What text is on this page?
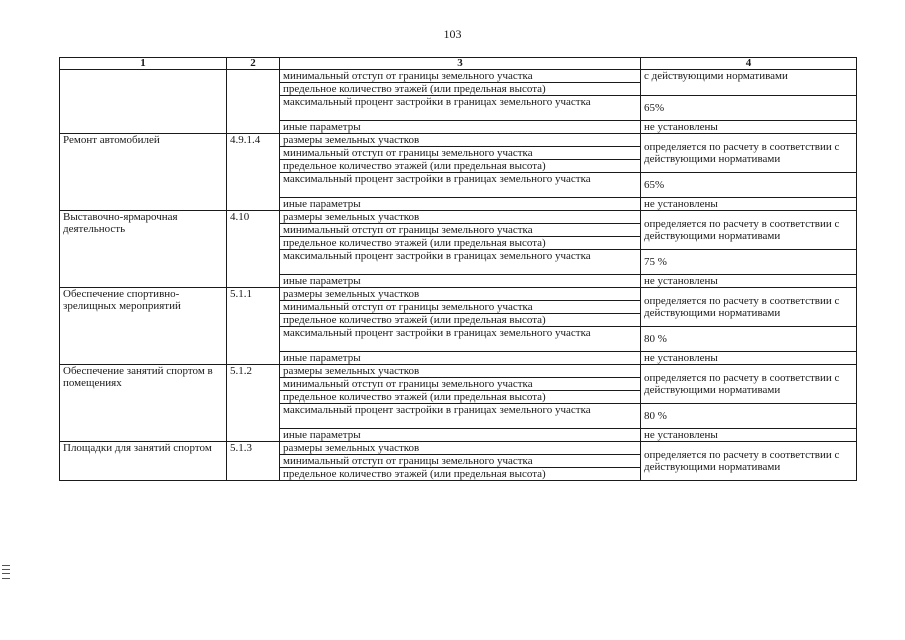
103
1	2	3	4
		минимальный отступ от границы земельного участка	с действующими нормативами
		предельное количество этажей (или предельная высота)	
		максимальный процент застройки в границах земельного участка	65%
		иные параметры	не установлены
Ремонт автомобилей	4.9.1.4	размеры земельных участков	определяется по расчету в соответствии с действующими нормативами
		минимальный отступ от границы земельного участка	
		предельное количество этажей (или предельная высота)	
		максимальный процент застройки в границах земельного участка	65%
		иные параметры	не установлены
Выставочно-ярмарочная деятельность	4.10	размеры земельных участков	определяется по расчету в соответствии с действующими нормативами
		минимальный отступ от границы земельного участка	
		предельное количество этажей (или предельная высота)	
		максимальный процент застройки в границах земельного участка	75 %
		иные параметры	не установлены
Обеспечение спортивно-зрелищных мероприятий	5.1.1	размеры земельных участков	определяется по расчету в соответствии с действующими нормативами
		минимальный отступ от границы земельного участка	
		предельное количество этажей (или предельная высота)	
		максимальный процент застройки в границах земельного участка	80 %
		иные параметры	не установлены
Обеспечение занятий спортом в помещениях	5.1.2	размеры земельных участков	определяется по расчету в соответствии с действующими нормативами
		минимальный отступ от границы земельного участка	
		предельное количество этажей (или предельная высота)	
		максимальный процент застройки в границах земельного участка	80 %
		иные параметры	не установлены
Площадки для занятий спортом	5.1.3	размеры земельных участков	определяется по расчету в соответствии с действующими нормативами
		минимальный отступ от границы земельного участка	
		предельное количество этажей (или предельная высота)	
